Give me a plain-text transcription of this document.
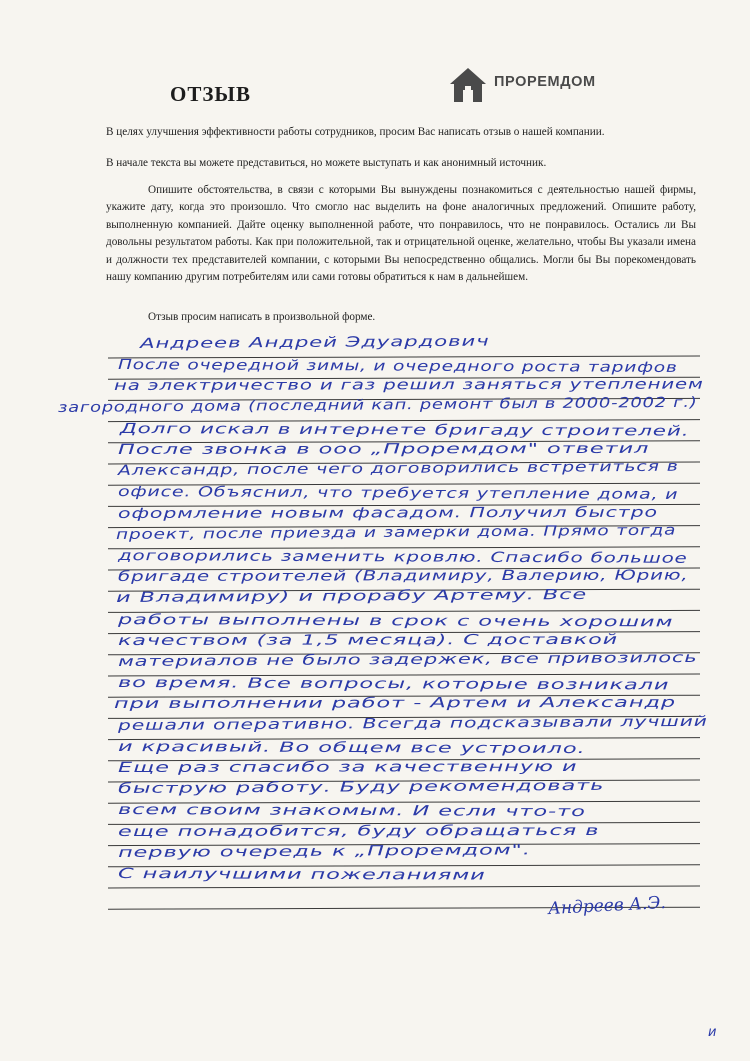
ОТЗЫВ	ПРОРЕМДОМ
В целях улучшения эффективности работы сотрудников, просим Вас написать отзыв о нашей компании.
В начале текста вы можете представиться, но можете выступать и как анонимный источник.
Опишите обстоятельства, в связи с которыми Вы вынуждены познакомиться с деятельностью нашей фирмы, укажите дату, когда это произошло. Что смогло нас выделить на фоне аналогичных предложений. Опишите работу, выполненную компанией. Дайте оценку выполненной работе, что понравилось, что не понравилось. Остались ли Вы довольны результатом работы. Как при положительной, так и отрицательной оценке, желательно, чтобы Вы указали имена и должности тех представителей компании, с которыми Вы непосредственно общались. Могли бы Вы порекомендовать нашу компанию другим потребителям или сами готовы обратиться к нам в дальнейшем.
Отзыв просим написать в произвольной форме.
Андреев Андрей Эдуардович
После очередной зимы, и очередного роста тарифов
на электричество и газ решил заняться утеплением
загородного дома (последний кап. ремонт был в 2000-2002 г.)
Долго искал в интернете бригаду строителей.
После звонка в ооо „Проремдом" ответил
Александр, после чего договорились встретиться в
офисе. Объяснил, что требуется утепление дома, и
оформление новым фасадом. Получил быстро
проект, после приезда и замерки дома. Прямо тогда
договорились заменить кровлю. Спасибо большое
бригаде строителей (Владимиру, Валерию, Юрию,
и Владимиру) и прорабу Артему. Все
работы выполнены в срок с очень хорошим
качеством (за 1,5 месяца). С доставкой
материалов не было задержек, все привозилось
во время. Все вопросы, которые возникали
при выполнении работ - Артем и Александр
решали оперативно. Всегда подсказывали лучший
и красивый. Во общем все устроило.
Еще раз спасибо за качественную и
быструю работу. Буду рекомендовать
всем своим знакомым. И если что-то
еще понадобится, буду обращаться в
первую очередь к „Проремдом".
С наилучшими пожеланиями
Андреев А.Э.
и
